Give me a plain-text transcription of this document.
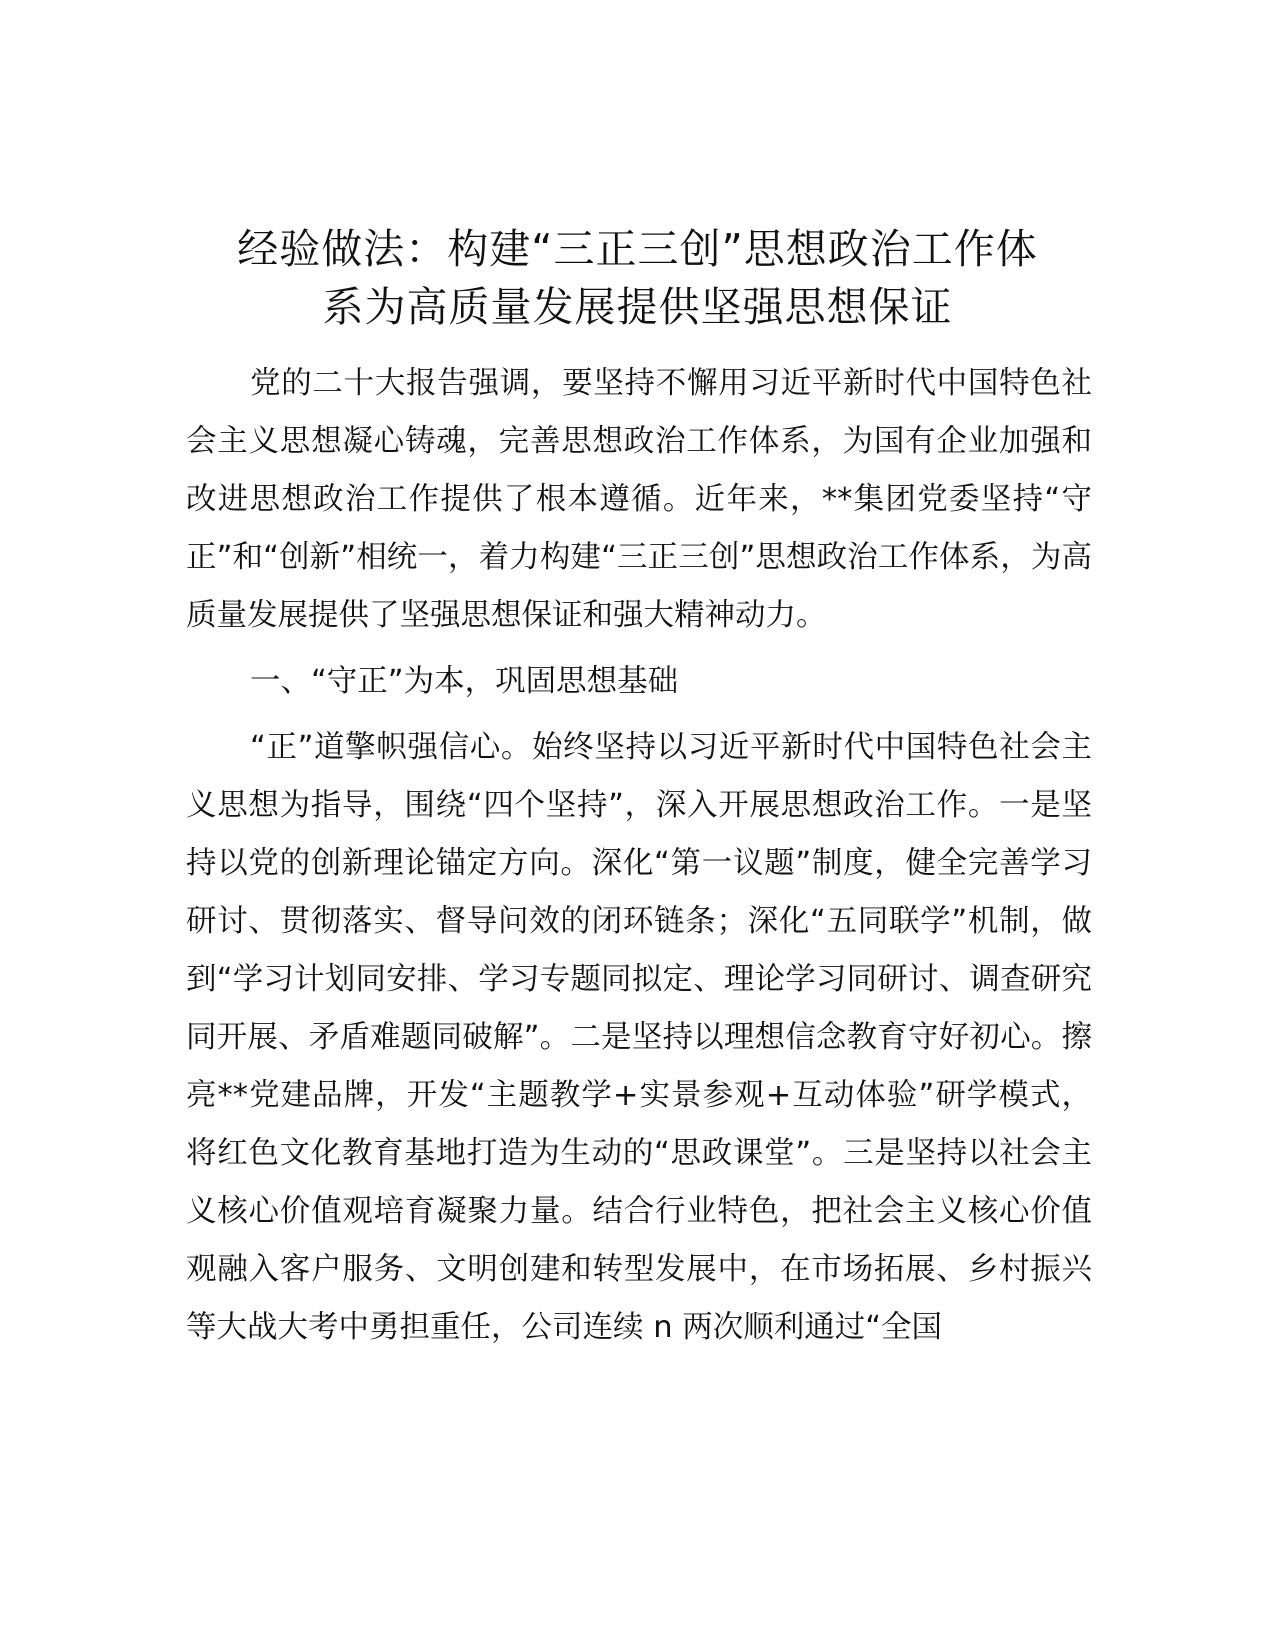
经验做法：构建“三正三创”思想政治工作体
系为高质量发展提供坚强思想保证

党的二十大报告强调，要坚持不懈用习近平新时代中国特色社会主义思想凝心铸魂，完善思想政治工作体系，为国有企业加强和改进思想政治工作提供了根本遵循。近年来，**集团党委坚持“守正”和“创新”相统一，着力构建“三正三创”思想政治工作体系，为高质量发展提供了坚强思想保证和强大精神动力。

一、“守正”为本，巩固思想基础

“正”道擎帜强信心。始终坚持以习近平新时代中国特色社会主义思想为指导，围绕“四个坚持”，深入开展思想政治工作。一是坚持以党的创新理论锚定方向。深化“第一议题”制度，健全完善学习研讨、贯彻落实、督导问效的闭环链条；深化“五同联学”机制，做到“学习计划同安排、学习专题同拟定、理论学习同研讨、调查研究同开展、矛盾难题同破解”。二是坚持以理想信念教育守好初心。擦亮**党建品牌，开发“主题教学+实景参观+互动体验”研学模式，将红色文化教育基地打造为生动的“思政课堂”。三是坚持以社会主义核心价值观培育凝聚力量。结合行业特色，把社会主义核心价值观融入客户服务、文明创建和转型发展中，在市场拓展、乡村振兴等大战大考中勇担重任，公司连续 n 两次顺利通过“全国
